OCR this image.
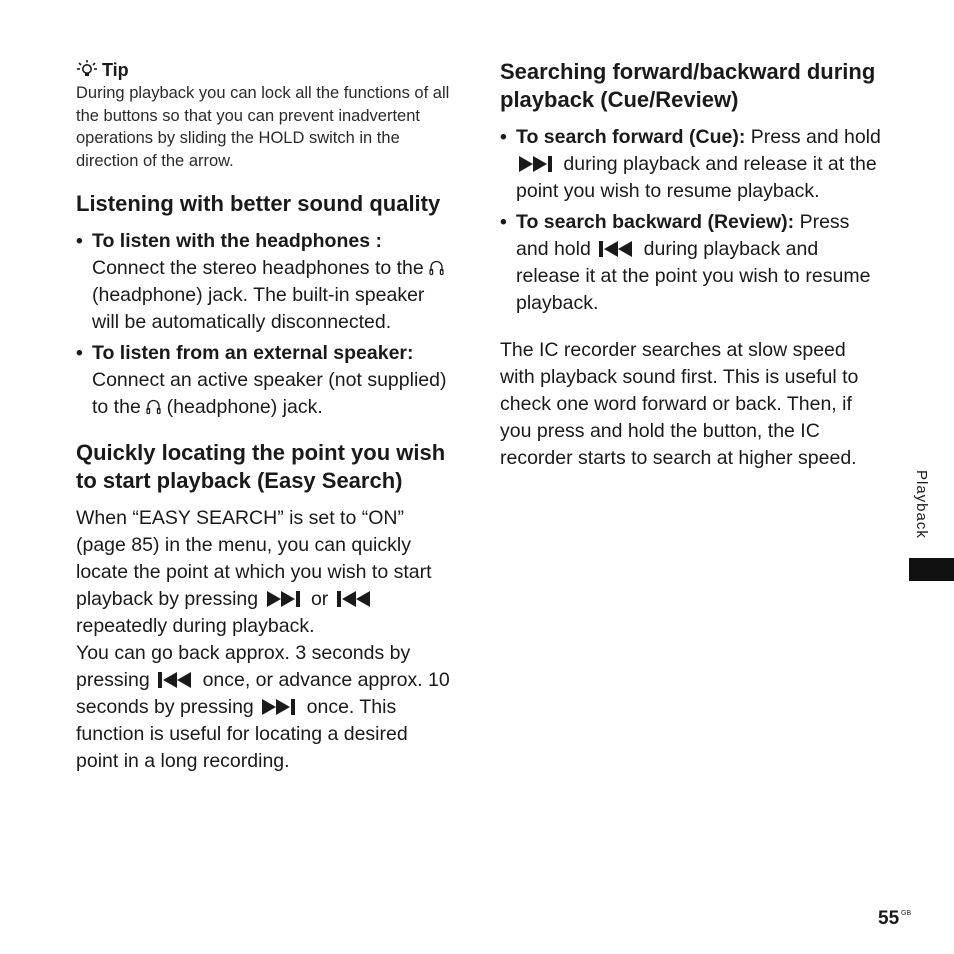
Tip

During playback you can lock all the functions of all the buttons so that you can prevent inadvertent operations by sliding the HOLD switch in the direction of the arrow.

Listening with better sound quality
• To listen with the headphones :
Connect the stereo headphones to the  (headphone) jack. The built-in speaker will be automatically disconnected.
• To listen from an external speaker:
Connect an active speaker (not supplied) to the (headphone) jack.
Quickly locating the point you wish to start playback (Easy Search)

When “EASY SEARCH” is set to “ON” (page 85) in the menu, you can quickly locate the point at which you wish to start playback by pressing	or  repeatedly during playback.

You can go back approx. 3 seconds by pressing	once, or advance approx. 10 seconds by pressing	once. This function is useful for locating a desired point in a long recording.

Searching forward/backward during playback (Cue/Review)
• To search forward (Cue): Press and hold  during playback and release it at the point you wish to resume playback.
• To search backward (Review): Press and hold	during playback and release it at the point you wish to resume playback.

The IC recorder searches at slow speed with playback sound first. This is useful to check one word forward or back. Then, if you press and hold the button, the IC recorder starts to search at higher speed.

Playback
55 GB
